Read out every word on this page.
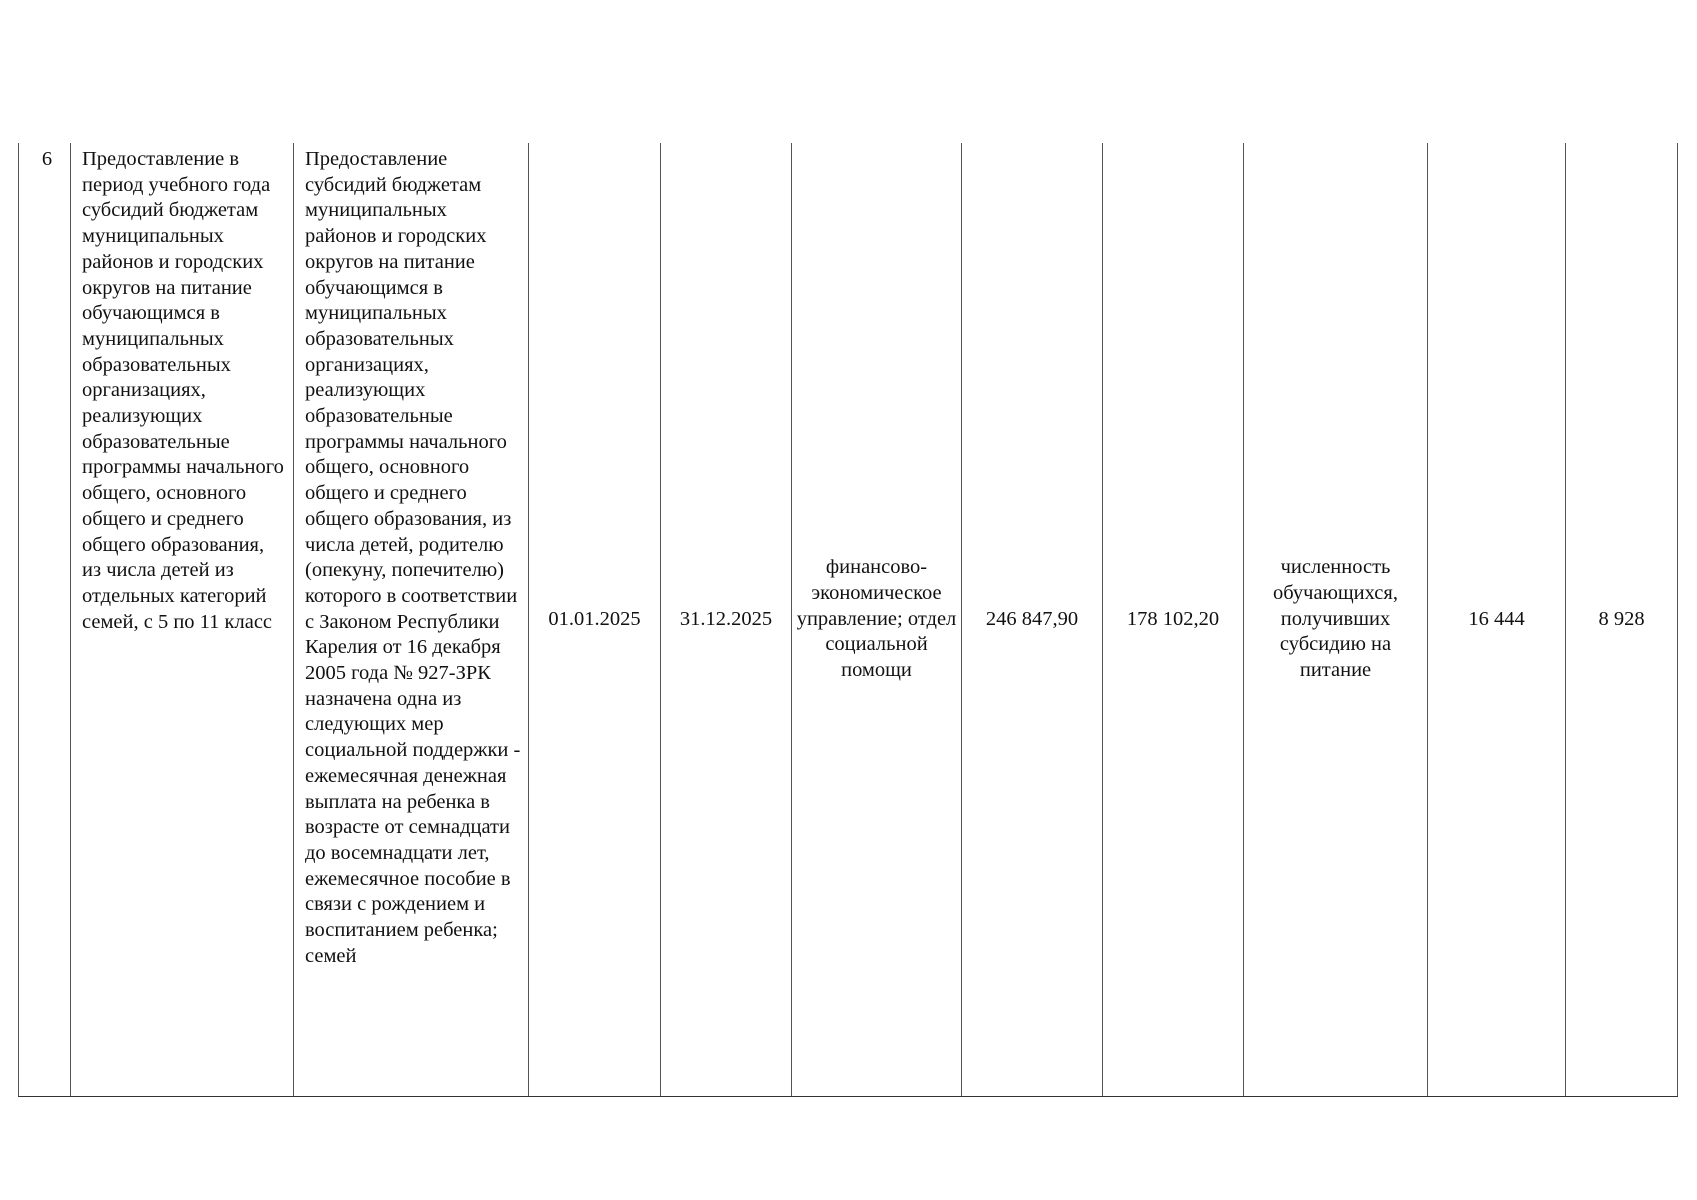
6	Предоставление в период учебного года субсидий бюджетам муниципальных районов и городских округов на питание обучающимся в муниципальных образовательных организациях, реализующих образовательные программы начального общего, основного общего и среднего общего образования, из числа детей из отдельных категорий семей, с 5 по 11 класс	Предоставление субсидий бюджетам муниципальных районов и городских округов на питание обучающимся в муниципальных образовательных организациях, реализующих образовательные программы начального общего, основного общего и среднего общего образования, из числа детей, родителю (опекуну, попечителю) которого в соответствии с Законом Республики Карелия от 16 декабря 2005 года № 927-ЗРК назначена одна из следующих мер социальной поддержки - ежемесячная денежная выплата на ребенка в возрасте от семнадцати до восемнадцати лет, ежемесячное пособие в связи с рождением и воспитанием ребенка; семей	01.01.2025	31.12.2025	финансово-экономическое управление; отдел социальной помощи	246 847,90	178 102,20	численность обучающихся, получивших субсидию на питание	16 444	8 928
